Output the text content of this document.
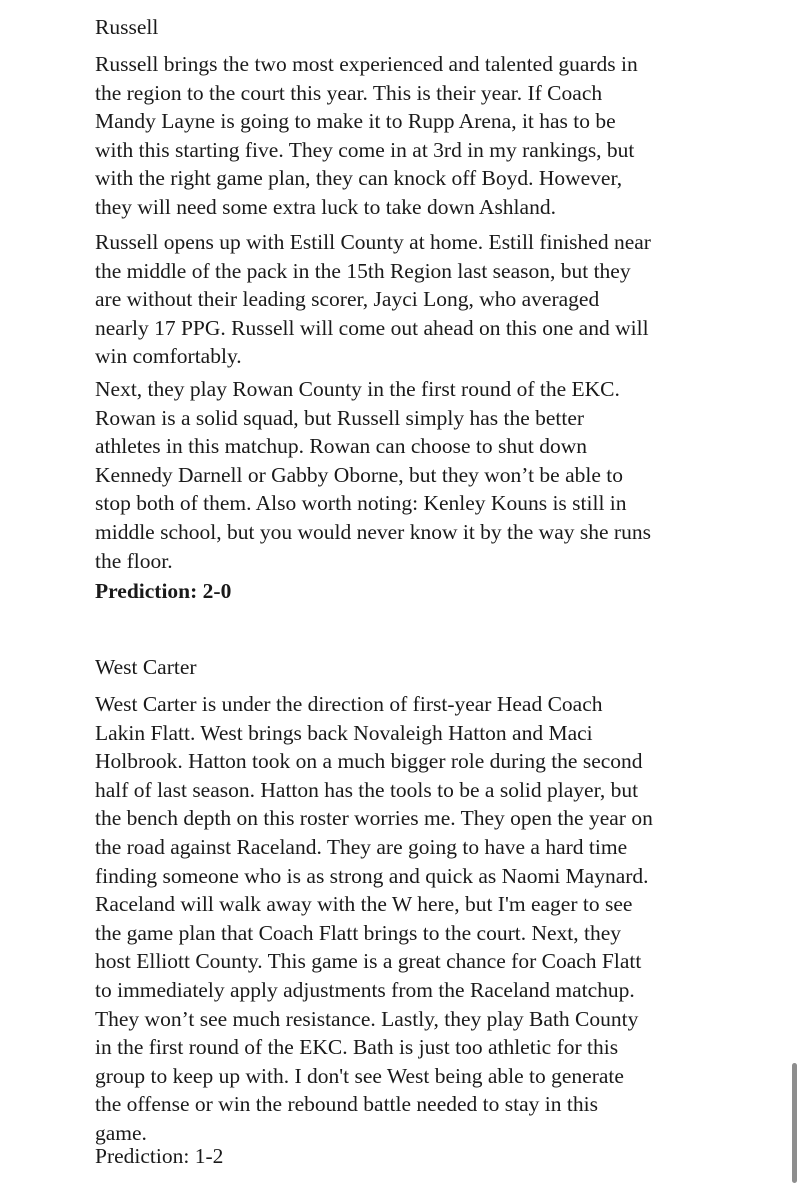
Russell
Russell brings the two most experienced and talented guards in
the region to the court this year. This is their year. If Coach
Mandy Layne is going to make it to Rupp Arena, it has to be
with this starting five. They come in at 3rd in my rankings, but
with the right game plan, they can knock off Boyd. However,
they will need some extra luck to take down Ashland.
Russell opens up with Estill County at home. Estill finished near
the middle of the pack in the 15th Region last season, but they
are without their leading scorer, Jayci Long, who averaged
nearly 17 PPG. Russell will come out ahead on this one and will
win comfortably.
Next, they play Rowan County in the first round of the EKC.
Rowan is a solid squad, but Russell simply has the better
athletes in this matchup. Rowan can choose to shut down
Kennedy Darnell or Gabby Oborne, but they won’t be able to
stop both of them. Also worth noting: Kenley Kouns is still in
middle school, but you would never know it by the way she runs
the floor.
Prediction: 2-0
West Carter
West Carter is under the direction of first-year Head Coach
Lakin Flatt. West brings back Novaleigh Hatton and Maci
Holbrook. Hatton took on a much bigger role during the second
half of last season. Hatton has the tools to be a solid player, but
the bench depth on this roster worries me. They open the year on
the road against Raceland. They are going to have a hard time
finding someone who is as strong and quick as Naomi Maynard.
Raceland will walk away with the W here, but I'm eager to see
the game plan that Coach Flatt brings to the court. Next, they
host Elliott County. This game is a great chance for Coach Flatt
to immediately apply adjustments from the Raceland matchup.
They won’t see much resistance. Lastly, they play Bath County
in the first round of the EKC. Bath is just too athletic for this
group to keep up with. I don't see West being able to generate
the offense or win the rebound battle needed to stay in this
game.
Prediction: 1-2
